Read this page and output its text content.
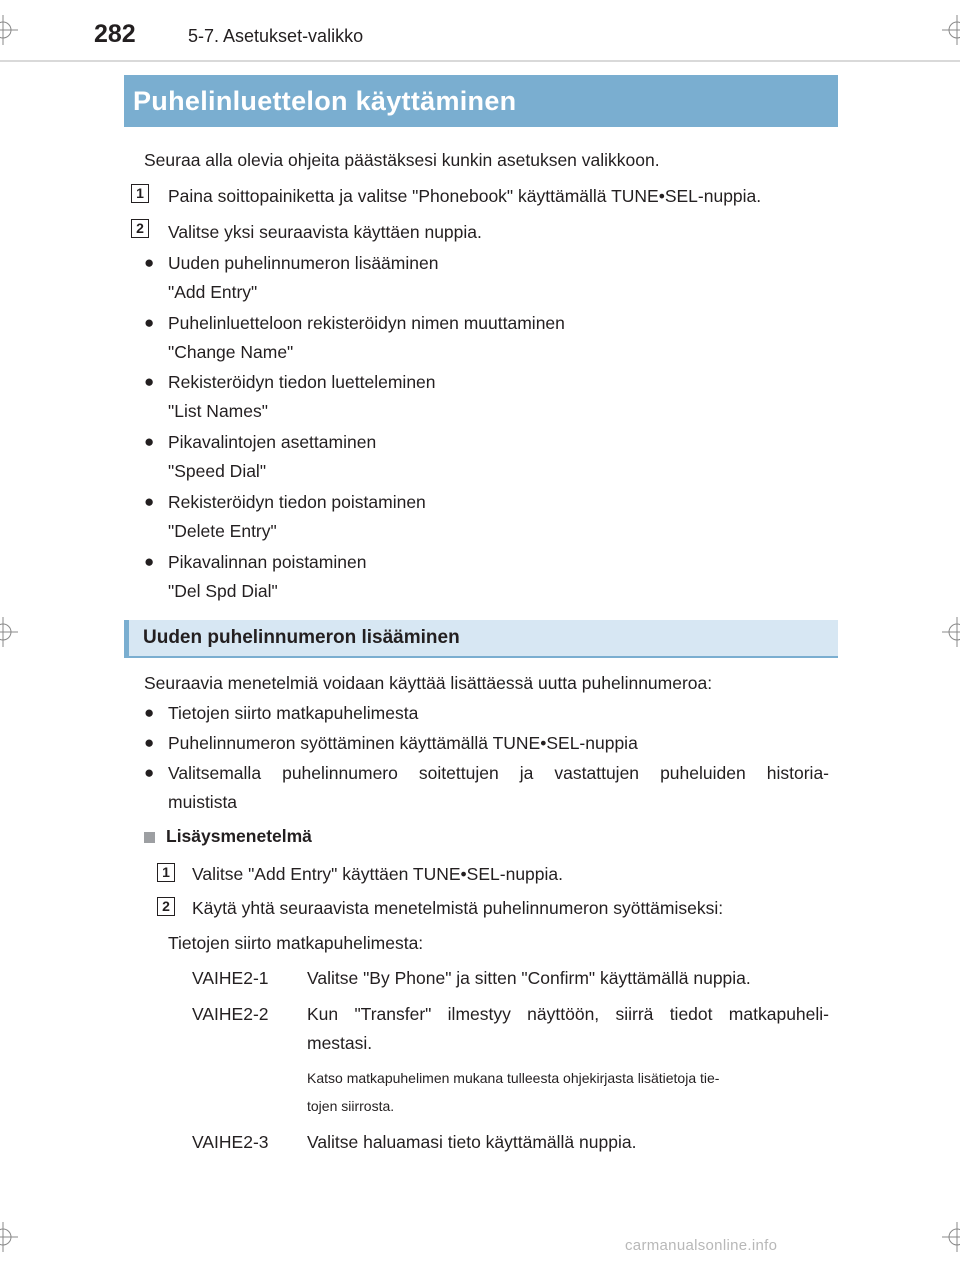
282	5-7. Asetukset-valikko
Puhelinluettelon käyttäminen
Seuraa alla olevia ohjeita päästäksesi kunkin asetuksen valikkoon.
1 Paina soittopainiketta ja valitse "Phonebook" käyttämällä TUNE•SEL-nuppia.
2 Valitse yksi seuraavista käyttäen nuppia.
● Uuden puhelinnumeron lisääminen
"Add Entry"
● Puhelinluetteloon rekisteröidyn nimen muuttaminen
"Change Name"
● Rekisteröidyn tiedon luetteleminen
"List Names"
● Pikavalintojen asettaminen
"Speed Dial"
● Rekisteröidyn tiedon poistaminen
"Delete Entry"
● Pikavalinnan poistaminen
"Del Spd Dial"
Uuden puhelinnumeron lisääminen
Seuraavia menetelmiä voidaan käyttää lisättäessä uutta puhelinnumeroa:
● Tietojen siirto matkapuhelimesta
● Puhelinnumeron syöttäminen käyttämällä TUNE•SEL-nuppia
● Valitsemalla puhelinnumero soitettujen ja vastattujen puheluiden historia-
muistista
Lisäysmenetelmä
1 Valitse "Add Entry" käyttäen TUNE•SEL-nuppia.
2 Käytä yhtä seuraavista menetelmistä puhelinnumeron syöttämiseksi:
Tietojen siirto matkapuhelimesta:
VAIHE2-1 Valitse "By Phone" ja sitten "Confirm" käyttämällä nuppia.
VAIHE2-2 Kun "Transfer" ilmestyy näyttöön, siirrä tiedot matkapuheli-
mestasi.
Katso matkapuhelimen mukana tulleesta ohjekirjasta lisätietoja tie-
tojen siirrosta.
VAIHE2-3 Valitse haluamasi tieto käyttämällä nuppia.
carmanualsonline.info
